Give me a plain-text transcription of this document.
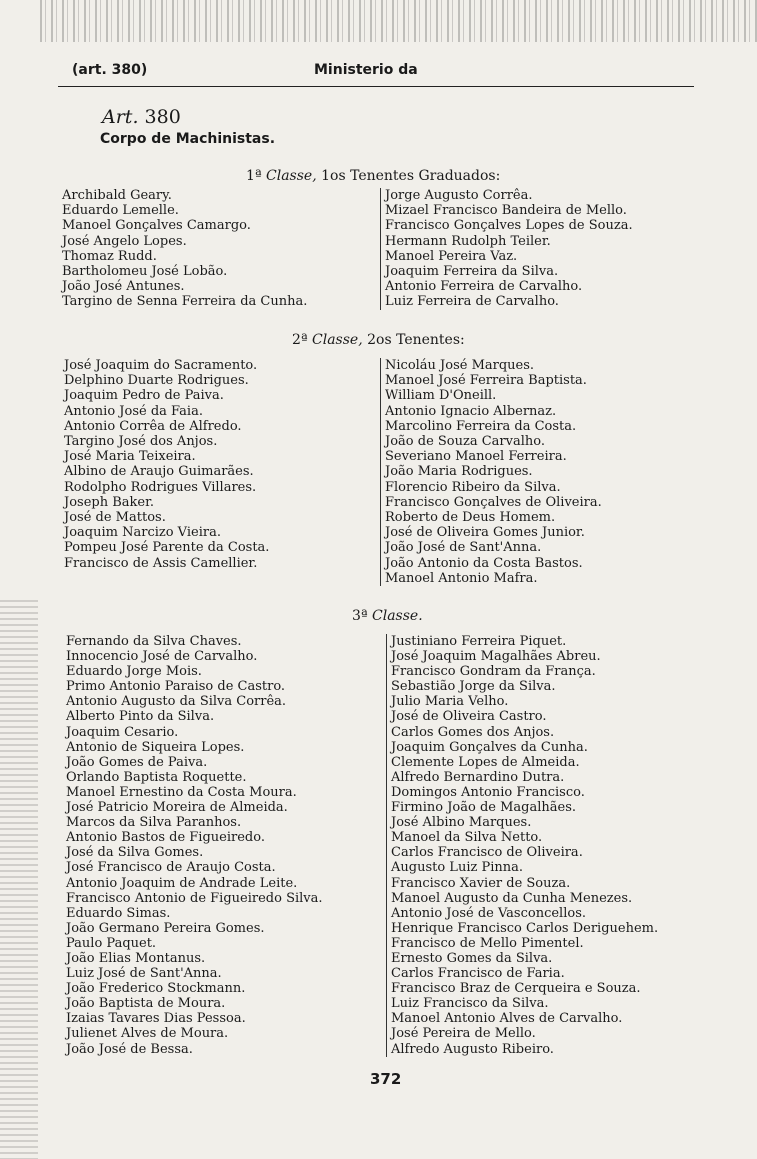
(art. 380)	Ministerio da
Art. 380
Corpo de Machinistas.
1ª Classe, 1os Tenentes Graduados:
Archibald Geary.
Eduardo Lemelle.
Manoel Gonçalves Camargo.
José Angelo Lopes.
Thomaz Rudd.
Bartholomeu José Lobão.
João José Antunes.
Targino de Senna Ferreira da Cunha.
Jorge Augusto Corrêa.
Mizael Francisco Bandeira de Mello.
Francisco Gonçalves Lopes de Souza.
Hermann Rudolph Teiler.
Manoel Pereira Vaz.
Joaquim Ferreira da Silva.
Antonio Ferreira de Carvalho.
Luiz Ferreira de Carvalho.
2ª Classe, 2os Tenentes:
José Joaquim do Sacramento.
Delphino Duarte Rodrigues.
Joaquim Pedro de Paiva.
Antonio José da Faia.
Antonio Corrêa de Alfredo.
Targino José dos Anjos.
José Maria Teixeira.
Albino de Araujo Guimarães.
Rodolpho Rodrigues Villares.
Joseph Baker.
José de Mattos.
Joaquim Narcizo Vieira.
Pompeu José Parente da Costa.
Francisco de Assis Camellier.
Nicoláu José Marques.
Manoel José Ferreira Baptista.
William D'Oneill.
Antonio Ignacio Albernaz.
Marcolino Ferreira da Costa.
João de Souza Carvalho.
Severiano Manoel Ferreira.
João Maria Rodrigues.
Florencio Ribeiro da Silva.
Francisco Gonçalves de Oliveira.
Roberto de Deus Homem.
José de Oliveira Gomes Junior.
João José de Sant'Anna.
João Antonio da Costa Bastos.
Manoel Antonio Mafra.
3ª Classe.
Fernando da Silva Chaves.
Innocencio José de Carvalho.
Eduardo Jorge Mois.
Primo Antonio Paraiso de Castro.
Antonio Augusto da Silva Corrêa.
Alberto Pinto da Silva.
Joaquim Cesario.
Antonio de Siqueira Lopes.
João Gomes de Paiva.
Orlando Baptista Roquette.
Manoel Ernestino da Costa Moura.
José Patricio Moreira de Almeida.
Marcos da Silva Paranhos.
Antonio Bastos de Figueiredo.
José da Silva Gomes.
José Francisco de Araujo Costa.
Antonio Joaquim de Andrade Leite.
Francisco Antonio de Figueiredo Silva.
Eduardo Simas.
João Germano Pereira Gomes.
Paulo Paquet.
João Elias Montanus.
Luiz José de Sant'Anna.
João Frederico Stockmann.
João Baptista de Moura.
Izaias Tavares Dias Pessoa.
Julienet Alves de Moura.
João José de Bessa.
Justiniano Ferreira Piquet.
José Joaquim Magalhães Abreu.
Francisco Gondram da França.
Sebastião Jorge da Silva.
Julio Maria Velho.
José de Oliveira Castro.
Carlos Gomes dos Anjos.
Joaquim Gonçalves da Cunha.
Clemente Lopes de Almeida.
Alfredo Bernardino Dutra.
Domingos Antonio Francisco.
Firmino João de Magalhães.
José Albino Marques.
Manoel da Silva Netto.
Carlos Francisco de Oliveira.
Augusto Luiz Pinna.
Francisco Xavier de Souza.
Manoel Augusto da Cunha Menezes.
Antonio José de Vasconcellos.
Henrique Francisco Carlos Deriguehem.
Francisco de Mello Pimentel.
Ernesto Gomes da Silva.
Carlos Francisco de Faria.
Francisco Braz de Cerqueira e Souza.
Luiz Francisco da Silva.
Manoel Antonio Alves de Carvalho.
José Pereira de Mello.
Alfredo Augusto Ribeiro.
372
